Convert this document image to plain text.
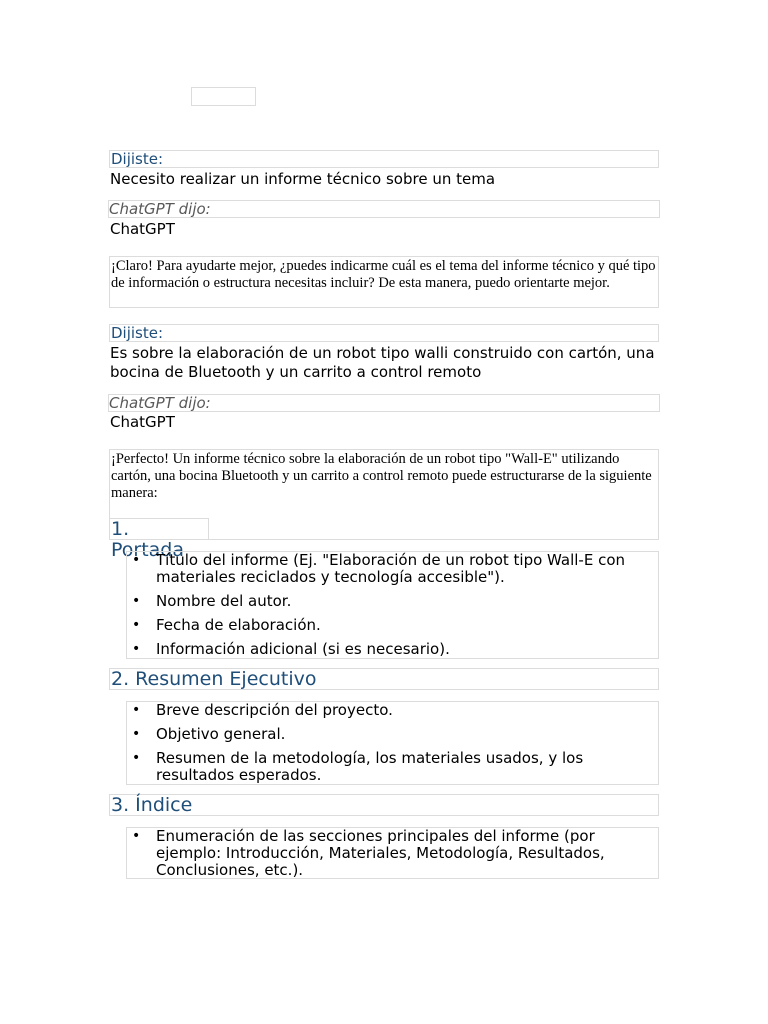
Dijiste:
Necesito realizar un informe técnico sobre un tema
ChatGPT dijo:
ChatGPT
¡Claro! Para ayudarte mejor, ¿puedes indicarme cuál es el tema del informe técnico y qué tipo de información o estructura necesitas incluir? De esta manera, puedo orientarte mejor.
Dijiste:
Es sobre la elaboración de un robot tipo walli construido con cartón, una bocina de Bluetooth y un carrito a control remoto
ChatGPT dijo:
ChatGPT
¡Perfecto! Un informe técnico sobre la elaboración de un robot tipo "Wall-E" utilizando cartón, una bocina Bluetooth y un carrito a control remoto puede estructurarse de la siguiente manera:
1. Portada
• Título del informe (Ej. "Elaboración de un robot tipo Wall-E con materiales reciclados y tecnología accesible").
• Nombre del autor.
• Fecha de elaboración.
• Información adicional (si es necesario).
2. Resumen Ejecutivo
• Breve descripción del proyecto.
• Objetivo general.
• Resumen de la metodología, los materiales usados, y los resultados esperados.
3. Índice
• Enumeración de las secciones principales del informe (por ejemplo: Introducción, Materiales, Metodología, Resultados, Conclusiones, etc.).
